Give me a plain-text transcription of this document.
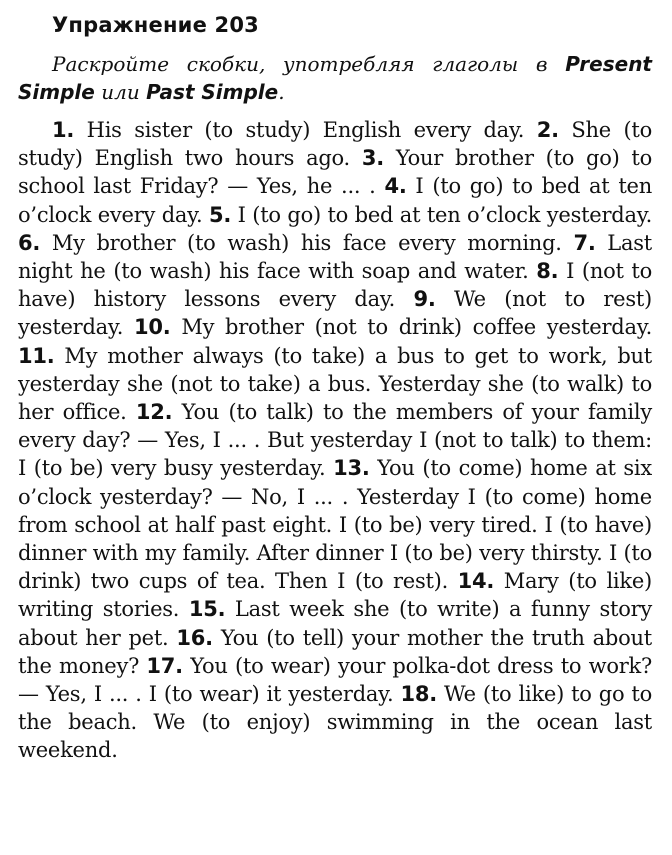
Упражнение 203

Раскройте скобки, употребляя глаголы в Present Simple или Past Simple.

1. His sister (to study) English every day. 2. She (to study) English two hours ago. 3. Your brother (to go) to school last Friday? — Yes, he ... . 4. I (to go) to bed at ten o’clock every day. 5. I (to go) to bed at ten o’clock yesterday. 6. My brother (to wash) his face every morning. 7. Last night he (to wash) his face with soap and water. 8. I (not to have) history lessons every day. 9. We (not to rest) yesterday. 10. My brother (not to drink) coffee yesterday. 11. My mother always (to take) a bus to get to work, but yesterday she (not to take) a bus. Yesterday she (to walk) to her office. 12. You (to talk) to the members of your family every day? — Yes, I ... . But yesterday I (not to talk) to them: I (to be) very busy yesterday. 13. You (to come) home at six o’clock yesterday? — No, I ... . Yesterday I (to come) home from school at half past eight. I (to be) very tired. I (to have) dinner with my family. After dinner I (to be) very thirsty. I (to drink) two cups of tea. Then I (to rest). 14. Mary (to like) writing stories. 15. Last week she (to write) a funny story about her pet. 16. You (to tell) your mother the truth about the money? 17. You (to wear) your polka-dot dress to work? — Yes, I ... . I (to wear) it yesterday. 18. We (to like) to go to the beach. We (to enjoy) swimming in the ocean last weekend.
